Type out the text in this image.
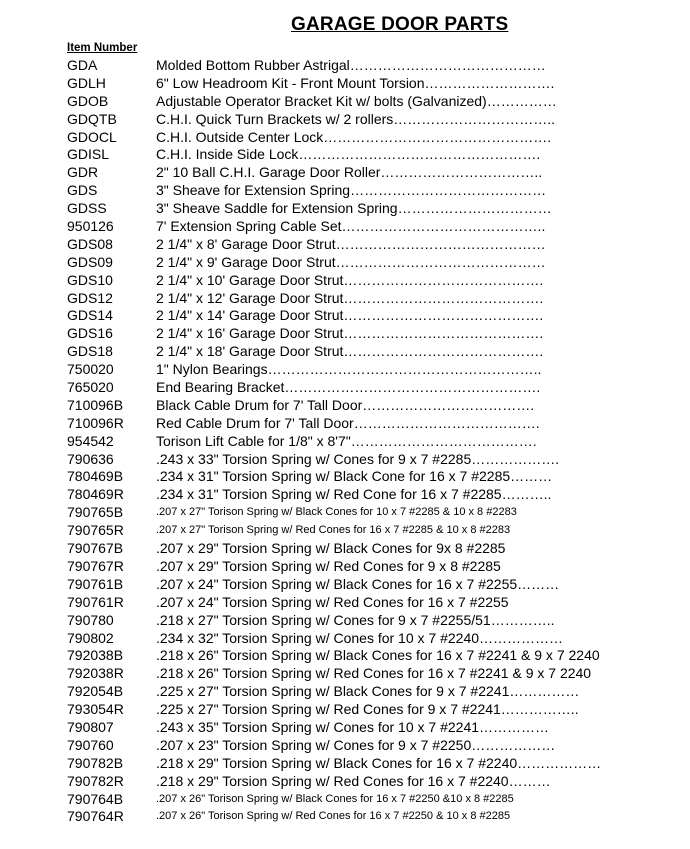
GARAGE DOOR PARTS
Item Number
GDA	Molded Bottom Rubber Astrigal……………………………………
GDLH	6" Low Headroom Kit - Front Mount Torsion……………………….
GDOB	Adjustable Operator Bracket Kit w/ bolts (Galvanized)……………
GDQTB	C.H.I. Quick Turn Brackets w/ 2 rollers……………………………..
GDOCL	C.H.I. Outside Center Lock………………………………………….
GDISL	C.H.I. Inside Side Lock…………………………………………….
GDR	2" 10 Ball C.H.I. Garage Door Roller……………………………..
GDS	3" Sheave for Extension Spring……………………………………
GDSS	3" Sheave Saddle for Extension Spring……………………………
950126	7' Extension Spring Cable Set……………………………………..
GDS08	2 1/4" x 8' Garage Door Strut………………………………………
GDS09	2 1/4" x 9' Garage Door Strut………………………………………
GDS10	2 1/4" x 10' Garage Door Strut…………………………………….
GDS12	2 1/4" x 12' Garage Door Strut…………………………………….
GDS14	2 1/4" x 14' Garage Door Strut…………………………………….
GDS16	2 1/4" x 16' Garage Door Strut…………………………………….
GDS18	2 1/4" x 18' Garage Door Strut…………………………………….
750020	1" Nylon Bearings…………………………………………………..
765020	End Bearing Bracket……………………………………………….
710096B Black Cable Drum for 7' Tall Door……………………………….
710096R Red Cable Drum for 7' Tall Door………………………………….
954542	Torison Lift Cable for 1/8" x 8'7"………………………………….
790636	.243 x 33" Torsion Spring w/ Cones for 9 x 7 #2285……………….
780469B .234 x 31" Torsion Spring w/ Black Cone for 16 x 7 #2285………
780469R .234 x 31" Torsion Spring w/ Red Cone for 16 x 7 #2285………..
790765B	.207 x 27" Torison Spring w/ Black Cones for 10 x 7 #2285 & 10 x 8 #2283
790765R	.207 x 27" Torison Spring w/ Red Cones for 16 x 7 #2285 & 10 x 8 #2283
790767B .207 x 29" Torsion Spring w/ Black Cones for 9x 8 #2285
790767R .207 x 29" Torsion Spring w/ Red Cones for 9 x 8 #2285
790761B .207 x 24" Torsion Spring w/ Black Cones for 16 x 7 #2255………
790761R .207 x 24" Torsion Spring w/ Red Cones for 16 x 7 #2255
790780	.218 x 27" Torsion Spring w/ Cones for 9 x 7 #2255/51…………..
790802	.234 x 32" Torsion Spring w/ Cones for 10 x 7 #2240………………
792038B .218 x 26" Torsion Spring w/ Black Cones for 16 x 7 #2241 & 9 x 7 2240
792038R .218 x 26" Torsion Spring w/ Red Cones for 16 x 7 #2241 & 9 x 7 2240
792054B .225 x 27" Torsion Spring w/ Black Cones for 9 x 7 #2241……………
793054R .225 x 27" Torsion Spring w/ Red Cones for 9 x 7 #2241……………..
790807	.243 x 35" Torsion Spring w/ Cones for 10 x 7 #2241……………
790760	.207 x 23" Torsion Spring w/ Cones for 9 x 7 #2250………………
790782B .218 x 29" Torsion Spring w/ Black Cones for 16 x 7 #2240………………
790782R .218 x 29" Torsion Spring w/ Red Cones for 16 x 7 #2240………
790764B	.207 x 26" Torison Spring w/ Black Cones for 16 x 7 #2250 &10 x 8 #2285
790764R	.207 x 26" Torison Spring w/ Red Cones for 16 x 7 #2250 & 10 x 8 #2285
